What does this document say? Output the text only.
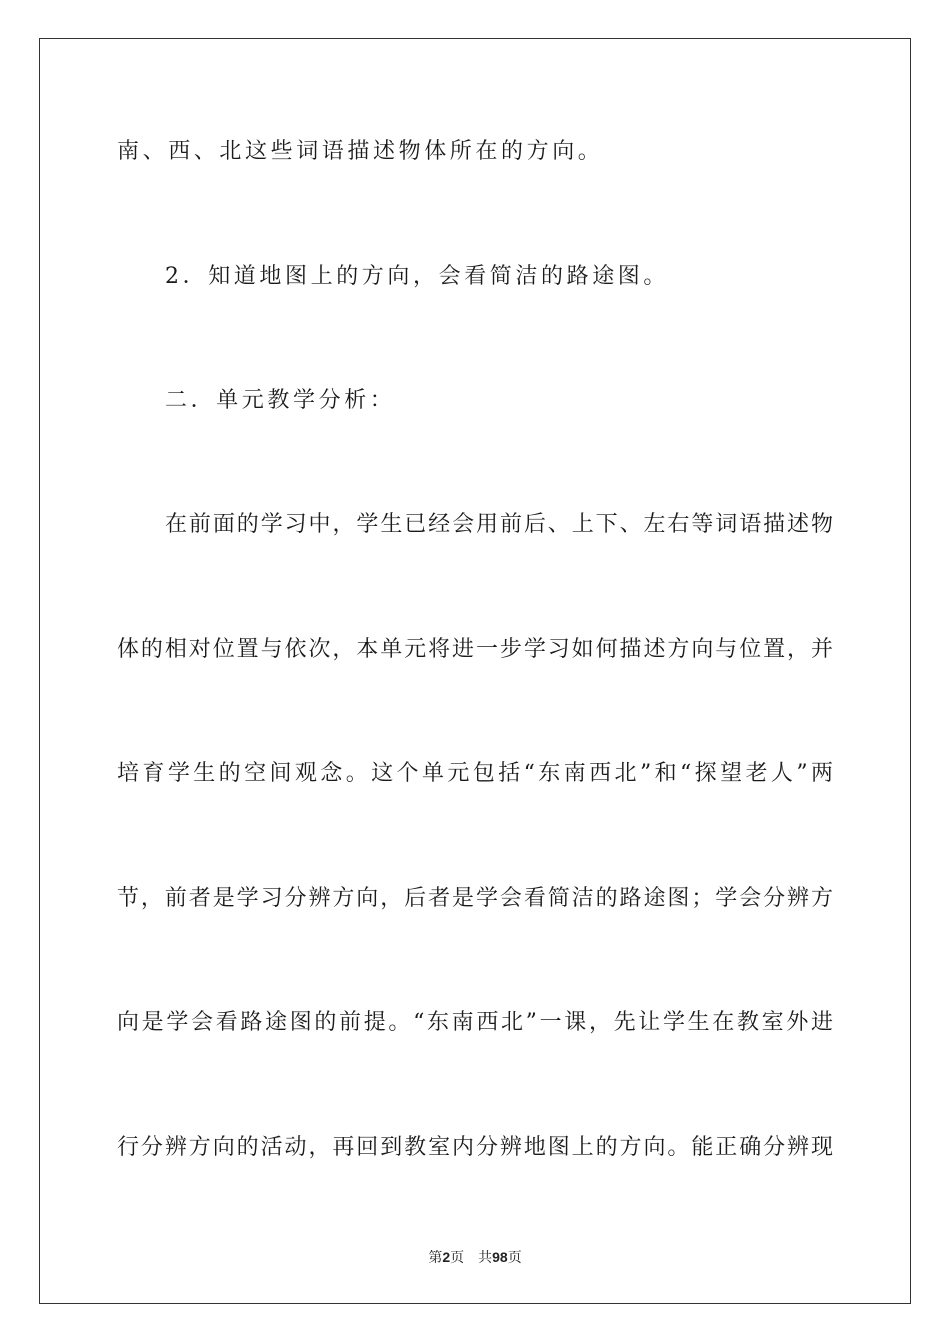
南、西、北这些词语描述物体所在的方向。
2．知道地图上的方向，会看简洁的路途图。
二．单元教学分析：
在前面的学习中，学生已经会用前后、上下、左右等词语描述物
体的相对位置与依次，本单元将进一步学习如何描述方向与位置，并
培育学生的空间观念。这个单元包括“东南西北”和“探望老人”两
节，前者是学习分辨方向，后者是学会看简洁的路途图；学会分辨方
向是学会看路途图的前提。“东南西北”一课，先让学生在教室外进
行分辨方向的活动，再回到教室内分辨地图上的方向。能正确分辨现
第2页 共98页
